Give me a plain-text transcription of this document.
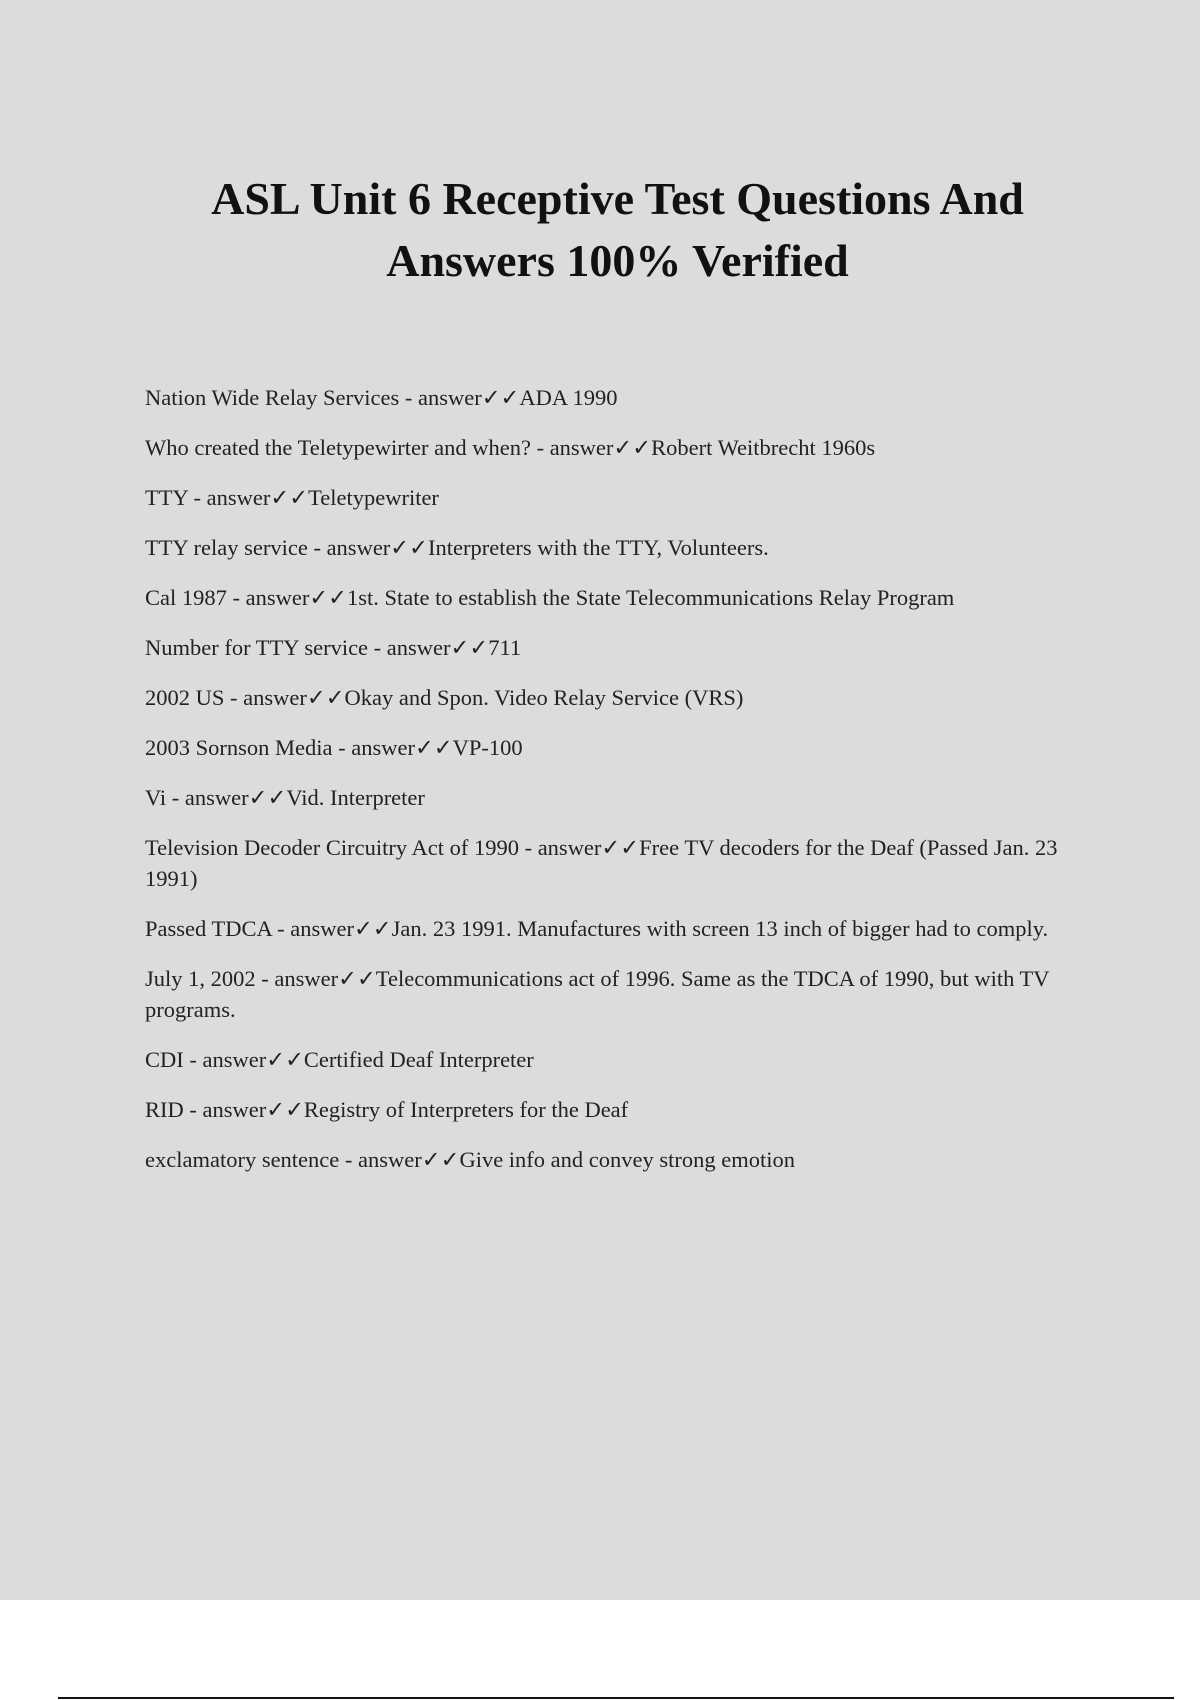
ASL Unit 6 Receptive Test Questions And Answers 100% Verified
Nation Wide Relay Services - answer✓✓ADA 1990
Who created the Teletypewirter and when? - answer✓✓Robert Weitbrecht 1960s
TTY - answer✓✓Teletypewriter
TTY relay service - answer✓✓Interpreters with the TTY, Volunteers.
Cal 1987 - answer✓✓1st. State to establish the State Telecommunications Relay Program
Number for TTY service - answer✓✓711
2002 US - answer✓✓Okay and Spon. Video Relay Service (VRS)
2003 Sornson Media - answer✓✓VP-100
Vi - answer✓✓Vid. Interpreter
Television Decoder Circuitry Act of 1990 - answer✓✓Free TV decoders for the Deaf (Passed Jan. 23 1991)
Passed TDCA - answer✓✓Jan. 23 1991. Manufactures with screen 13 inch of bigger had to comply.
July 1, 2002 - answer✓✓Telecommunications act of 1996. Same as the TDCA of 1990, but with TV programs.
CDI - answer✓✓Certified Deaf Interpreter
RID - answer✓✓Registry of Interpreters for the Deaf
exclamatory sentence - answer✓✓Give info and convey strong emotion
